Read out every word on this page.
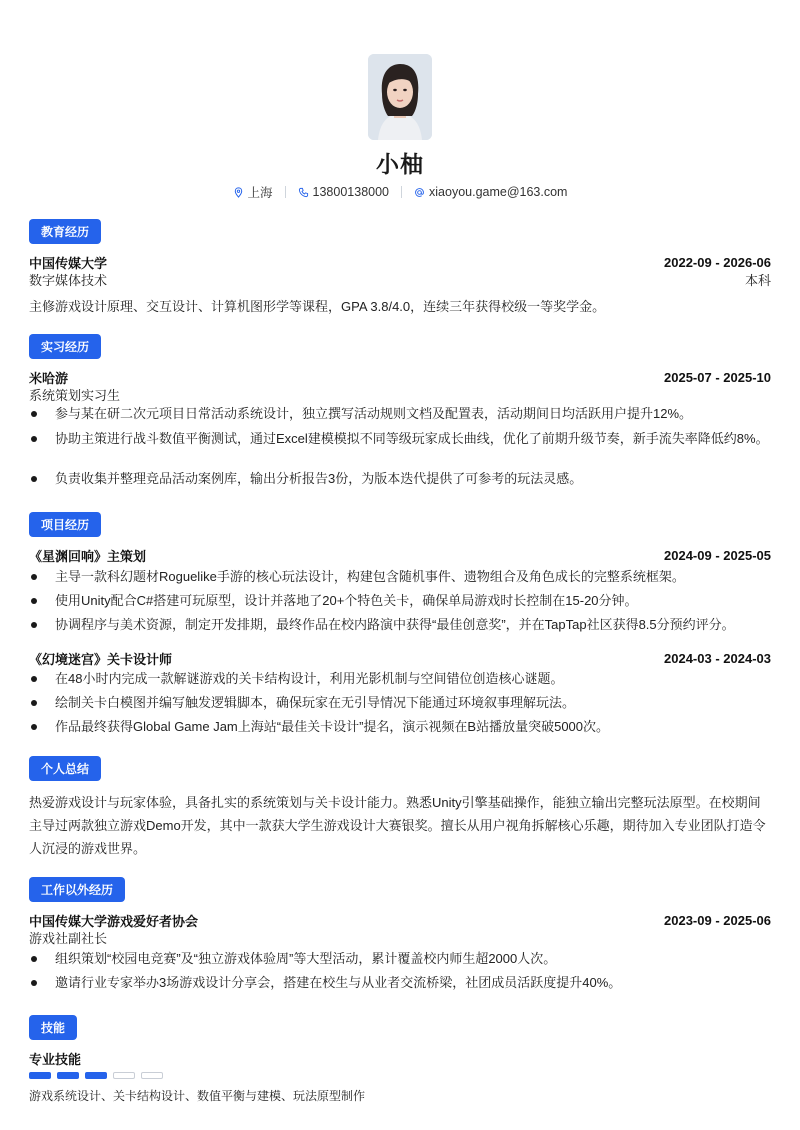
小柚
上海	13800138000	xiaoyou.game@163.com
教育经历
中国传媒大学	2022-09 - 2026-06
数字媒体技术	本科
主修游戏设计原理、交互设计、计算机图形学等课程，GPA 3.8/4.0，连续三年获得校级一等奖学金。
实习经历
米哈游	2025-07 - 2025-10
系统策划实习生
参与某在研二次元项目日常活动系统设计，独立撰写活动规则文档及配置表，活动期间日均活跃用户提升12%。
协助主策进行战斗数值平衡测试，通过Excel建模模拟不同等级玩家成长曲线，优化了前期升级节奏，新手流失率降低约8%。
负责收集并整理竞品活动案例库，输出分析报告3份，为版本迭代提供了可参考的玩法灵感。
项目经历
《星渊回响》主策划	2024-09 - 2025-05
主导一款科幻题材Roguelike手游的核心玩法设计，构建包含随机事件、遗物组合及角色成长的完整系统框架。
使用Unity配合C#搭建可玩原型，设计并落地了20+个特色关卡，确保单局游戏时长控制在15-20分钟。
协调程序与美术资源，制定开发排期，最终作品在校内路演中获得“最佳创意奖”，并在TapTap社区获得8.5分预约评分。
《幻境迷宫》关卡设计师	2024-03 - 2024-03
在48小时内完成一款解谜游戏的关卡结构设计，利用光影机制与空间错位创造核心谜题。
绘制关卡白模图并编写触发逻辑脚本，确保玩家在无引导情况下能通过环境叙事理解玩法。
作品最终获得Global Game Jam上海站“最佳关卡设计”提名，演示视频在B站播放量突破5000次。
个人总结
热爱游戏设计与玩家体验，具备扎实的系统策划与关卡设计能力。熟悉Unity引擎基础操作，能独立输出完整玩法原型。在校期间主导过两款独立游戏Demo开发，其中一款获大学生游戏设计大赛银奖。擅长从用户视角拆解核心乐趣，期待加入专业团队打造令人沉浸的游戏世界。
工作以外经历
中国传媒大学游戏爱好者协会	2023-09 - 2025-06
游戏社副社长
组织策划“校园电竞赛”及“独立游戏体验周”等大型活动，累计覆盖校内师生超2000人次。
邀请行业专家举办3场游戏设计分享会，搭建在校生与从业者交流桥梁，社团成员活跃度提升40%。
技能
专业技能
游戏系统设计、关卡结构设计、数值平衡与建模、玩法原型制作
